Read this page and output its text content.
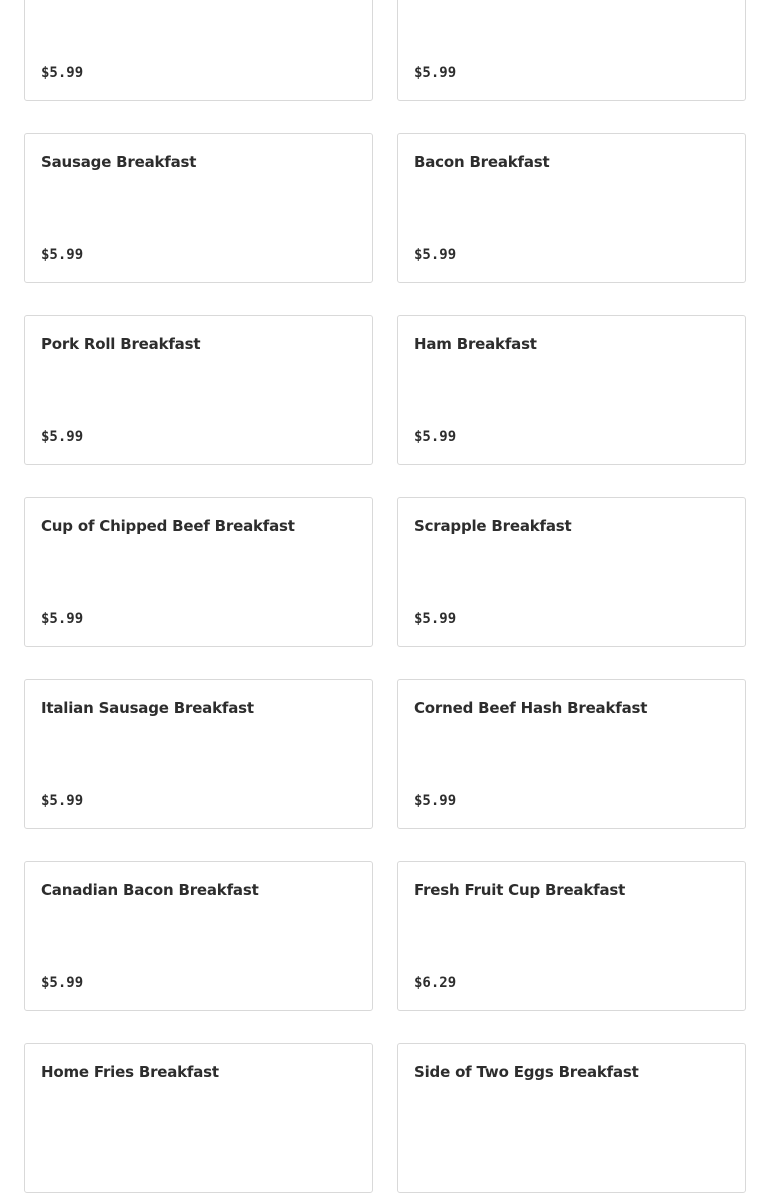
$5.99	$5.99
Sausage Breakfast
$5.99
Bacon Breakfast
$5.99
Pork Roll Breakfast
$5.99
Ham Breakfast
$5.99
Cup of Chipped Beef Breakfast
$5.99
Scrapple Breakfast
$5.99
Italian Sausage Breakfast
$5.99
Corned Beef Hash Breakfast
$5.99
Canadian Bacon Breakfast
$5.99
Fresh Fruit Cup Breakfast
$6.29
Home Fries Breakfast	Side of Two Eggs Breakfast
